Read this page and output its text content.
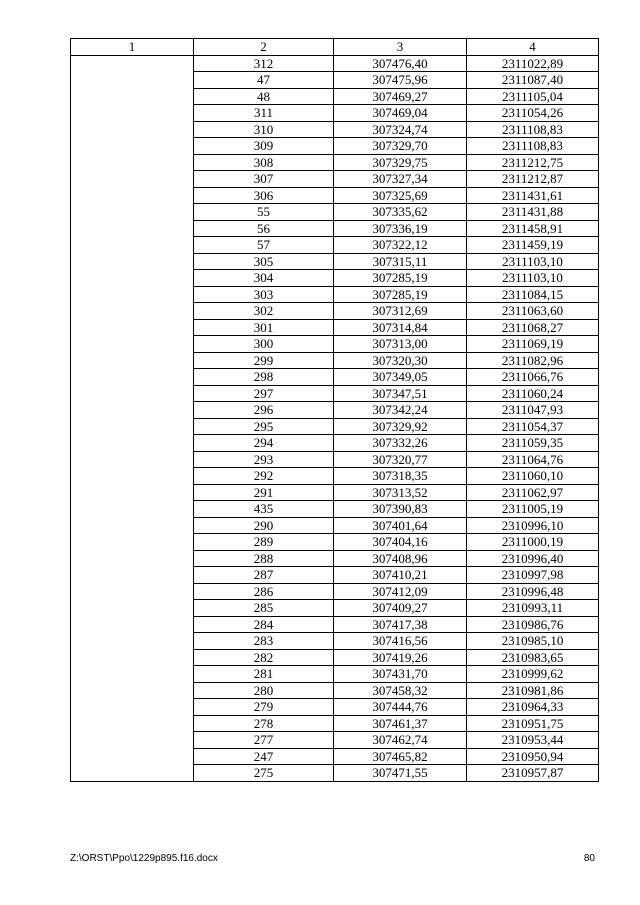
1	2	3	4
	312	307476,40	2311022,89
	47	307475,96	2311087,40
	48	307469,27	2311105,04
	311	307469,04	2311054,26
	310	307324,74	2311108,83
	309	307329,70	2311108,83
	308	307329,75	2311212,75
	307	307327,34	2311212,87
	306	307325,69	2311431,61
	55	307335,62	2311431,88
	56	307336,19	2311458,91
	57	307322,12	2311459,19
	305	307315,11	2311103,10
	304	307285,19	2311103,10
	303	307285,19	2311084,15
	302	307312,69	2311063,60
	301	307314,84	2311068,27
	300	307313,00	2311069,19
	299	307320,30	2311082,96
	298	307349,05	2311066,76
	297	307347,51	2311060,24
	296	307342,24	2311047,93
	295	307329,92	2311054,37
	294	307332,26	2311059,35
	293	307320,77	2311064,76
	292	307318,35	2311060,10
	291	307313,52	2311062,97
	435	307390,83	2311005,19
	290	307401,64	2310996,10
	289	307404,16	2311000,19
	288	307408,96	2310996,40
	287	307410,21	2310997,98
	286	307412,09	2310996,48
	285	307409,27	2310993,11
	284	307417,38	2310986,76
	283	307416,56	2310985,10
	282	307419,26	2310983,65
	281	307431,70	2310999,62
	280	307458,32	2310981,86
	279	307444,76	2310964,33
	278	307461,37	2310951,75
	277	307462,74	2310953,44
	247	307465,82	2310950,94
	275	307471,55	2310957,87
Z:\ORST\Ppo\1229p895.f16.docx	80
